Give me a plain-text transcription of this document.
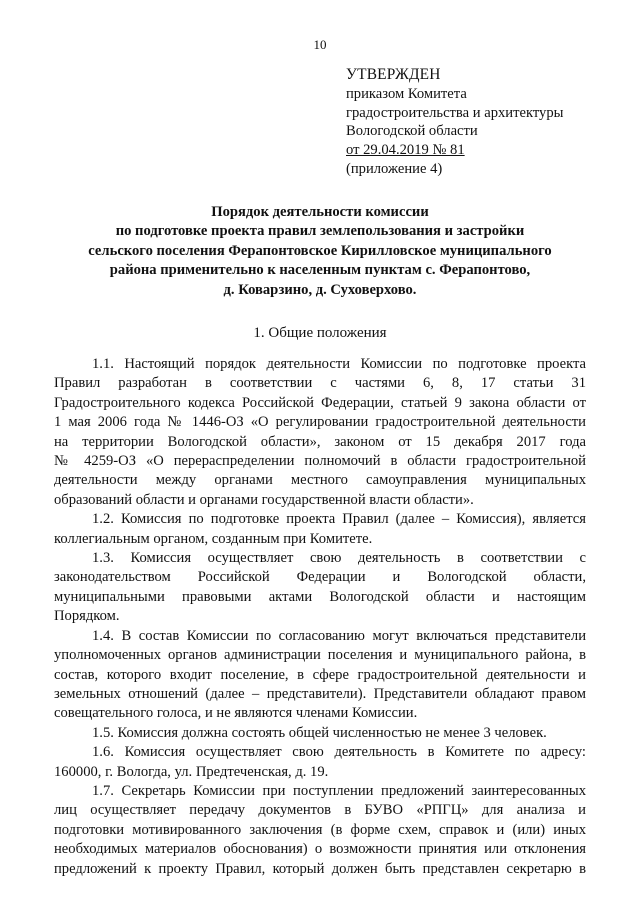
10
УТВЕРЖДЕН
приказом Комитета
градостроительства и архитектуры
Вологодской области
от 29.04.2019 № 81
(приложение 4)
Порядок деятельности комиссии
по подготовке проекта правил землепользования и застройки
сельского поселения Ферапонтовское Кирилловское муниципального
района применительно к населенным пунктам с. Ферапонтово,
д. Коварзино, д. Суховерхово.
1. Общие положения
1.1. Настоящий порядок деятельности Комиссии по подготовке проекта
Правил разработан в соответствии с частями 6, 8, 17 статьи 31
Градостроительного кодекса Российской Федерации, статьей 9 закона области от
1 мая 2006 года № 1446-ОЗ «О регулировании градостроительной деятельности
на территории Вологодской области», законом от 15 декабря 2017 года
№ 4259-ОЗ «О перераспределении полномочий в области градостроительной
деятельности между органами местного самоуправления муниципальных
образований области и органами государственной власти области».
1.2. Комиссия по подготовке проекта Правил (далее – Комиссия), является
коллегиальным органом, созданным при Комитете.
1.3. Комиссия осуществляет свою деятельность в соответствии с
законодательством Российской Федерации и Вологодской области,
муниципальными правовыми актами Вологодской области и настоящим
Порядком.
1.4. В состав Комиссии по согласованию могут включаться представители
уполномоченных органов администрации поселения и муниципального района, в
состав, которого входит поселение, в сфере градостроительной деятельности и
земельных отношений (далее – представители). Представители обладают правом
совещательного голоса, и не являются членами Комиссии.
1.5. Комиссия должна состоять общей численностью не менее 3 человек.
1.6. Комиссия осуществляет свою деятельность в Комитете по адресу:
160000, г. Вологда, ул. Предтеченская, д. 19.
1.7. Секретарь Комиссии при поступлении предложений заинтересованных
лиц осуществляет передачу документов в БУВО «РПГЦ» для анализа и
подготовки мотивированного заключения (в форме схем, справок и (или) иных
необходимых материалов обоснования) о возможности принятия или отклонения
предложений к проекту Правил, который должен быть представлен секретарю в
